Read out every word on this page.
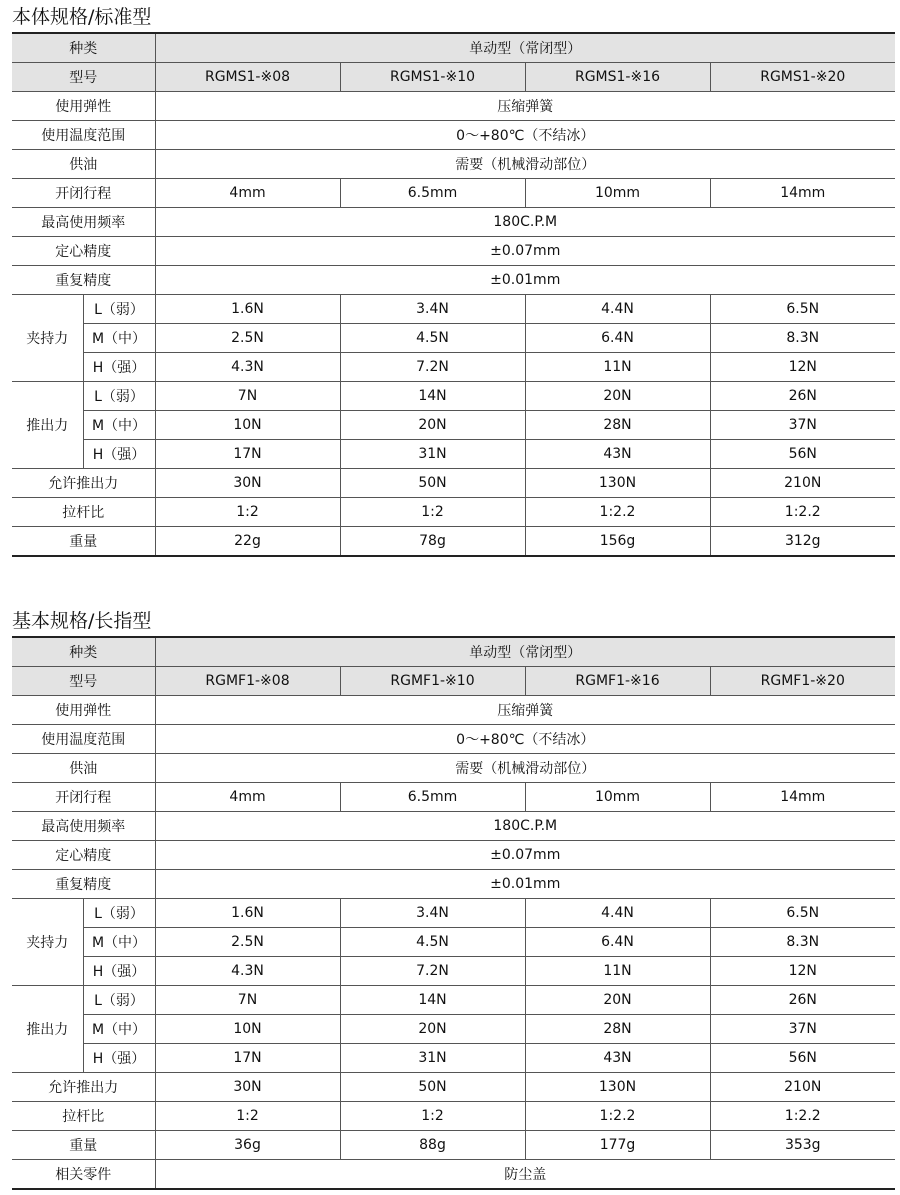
本体规格/标准型
种类		单动型（常闭型）			
型号		RGMS1-※08	RGMS1-※10	RGMS1-※16	RGMS1-※20
使用弹性		压缩弹簧			
使用温度范围		0～+80℃（不结冰）			
供油		需要（机械滑动部位）			
开闭行程		4mm	6.5mm	10mm	14mm
最高使用频率		180C.P.M			
定心精度		±0.07mm			
重复精度		±0.01mm			
夹持力	L（弱）	1.6N	3.4N	4.4N	6.5N
	M（中）	2.5N	4.5N	6.4N	8.3N
	H（强）	4.3N	7.2N	11N	12N
推出力	L（弱）	7N	14N	20N	26N
	M（中）	10N	20N	28N	37N
	H（强）	17N	31N	43N	56N
允许推出力		30N	50N	130N	210N
拉杆比		1:2	1:2	1:2.2	1:2.2
重量		22g	78g	156g	312g
基本规格/长指型
种类		单动型（常闭型）			
型号		RGMF1-※08	RGMF1-※10	RGMF1-※16	RGMF1-※20
使用弹性		压缩弹簧			
使用温度范围		0～+80℃（不结冰）			
供油		需要（机械滑动部位）			
开闭行程		4mm	6.5mm	10mm	14mm
最高使用频率		180C.P.M			
定心精度		±0.07mm			
重复精度		±0.01mm			
夹持力	L（弱）	1.6N	3.4N	4.4N	6.5N
	M（中）	2.5N	4.5N	6.4N	8.3N
	H（强）	4.3N	7.2N	11N	12N
推出力	L（弱）	7N	14N	20N	26N
	M（中）	10N	20N	28N	37N
	H（强）	17N	31N	43N	56N
允许推出力		30N	50N	130N	210N
拉杆比		1:2	1:2	1:2.2	1:2.2
重量		36g	88g	177g	353g
相关零件		防尘盖			
